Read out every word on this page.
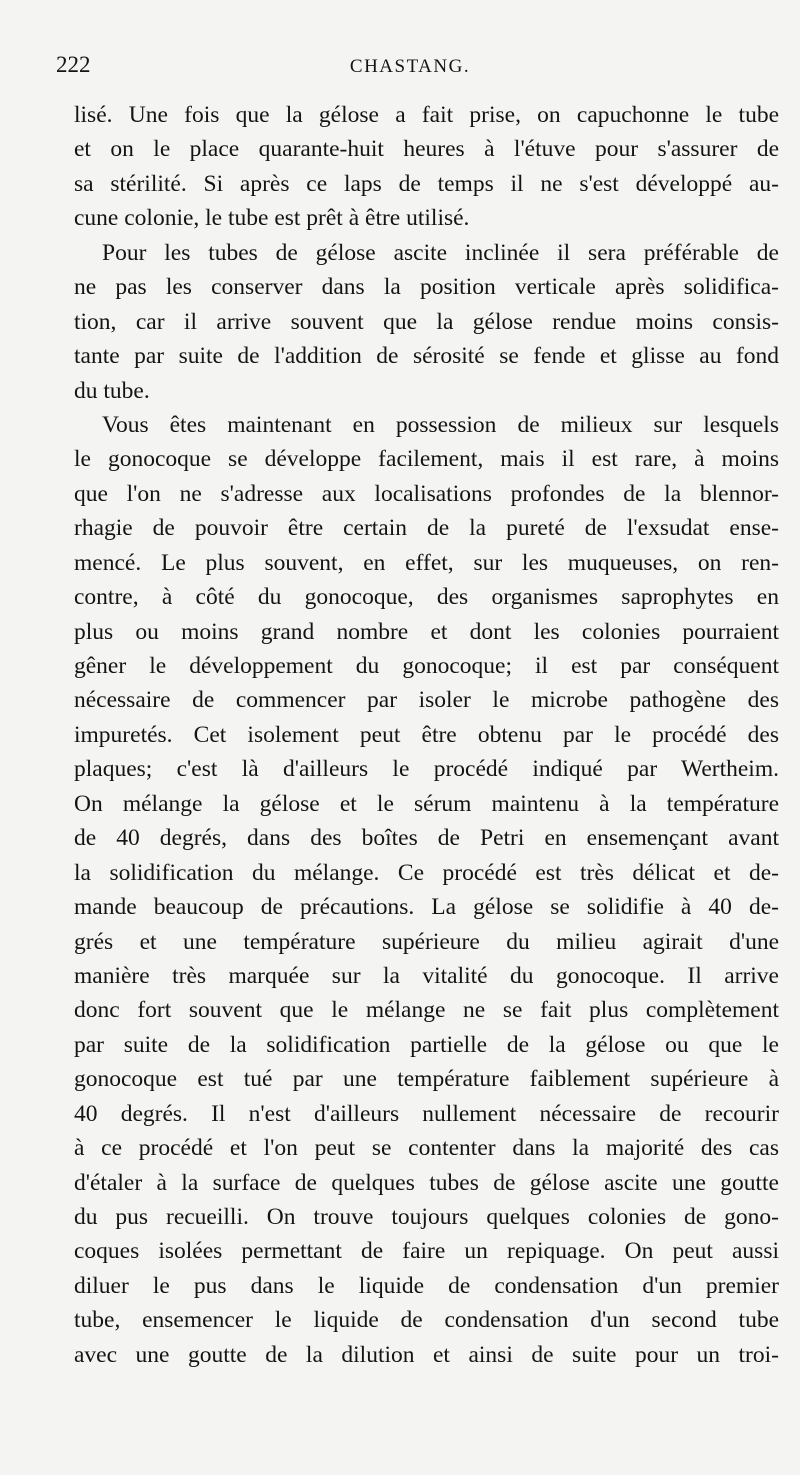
222	CHASTANG.
lisé. Une fois que la gélose a fait prise, on capuchonne le tube
et on le place quarante-huit heures à l'étuve pour s'assurer de
sa stérilité. Si après ce laps de temps il ne s'est développé au-
cune colonie, le tube est prêt à être utilisé.
Pour les tubes de gélose ascite inclinée il sera préférable de
ne pas les conserver dans la position verticale après solidifica-
tion, car il arrive souvent que la gélose rendue moins consis-
tante par suite de l'addition de sérosité se fende et glisse au fond
du tube.
Vous êtes maintenant en possession de milieux sur lesquels
le gonocoque se développe facilement, mais il est rare, à moins
que l'on ne s'adresse aux localisations profondes de la blennor-
rhagie de pouvoir être certain de la pureté de l'exsudat ense-
mencé. Le plus souvent, en effet, sur les muqueuses, on ren-
contre, à côté du gonocoque, des organismes saprophytes en
plus ou moins grand nombre et dont les colonies pourraient
gêner le développement du gonocoque; il est par conséquent
nécessaire de commencer par isoler le microbe pathogène des
impuretés. Cet isolement peut être obtenu par le procédé des
plaques; c'est là d'ailleurs le procédé indiqué par Wertheim.
On mélange la gélose et le sérum maintenu à la température
de 40 degrés, dans des boîtes de Petri en ensemençant avant
la solidification du mélange. Ce procédé est très délicat et de-
mande beaucoup de précautions. La gélose se solidifie à 40 de-
grés et une température supérieure du milieu agirait d'une
manière très marquée sur la vitalité du gonocoque. Il arrive
donc fort souvent que le mélange ne se fait plus complètement
par suite de la solidification partielle de la gélose ou que le
gonocoque est tué par une température faiblement supérieure à
40 degrés. Il n'est d'ailleurs nullement nécessaire de recourir
à ce procédé et l'on peut se contenter dans la majorité des cas
d'étaler à la surface de quelques tubes de gélose ascite une goutte
du pus recueilli. On trouve toujours quelques colonies de gono-
coques isolées permettant de faire un repiquage. On peut aussi
diluer le pus dans le liquide de condensation d'un premier
tube, ensemencer le liquide de condensation d'un second tube
avec une goutte de la dilution et ainsi de suite pour un troi-
